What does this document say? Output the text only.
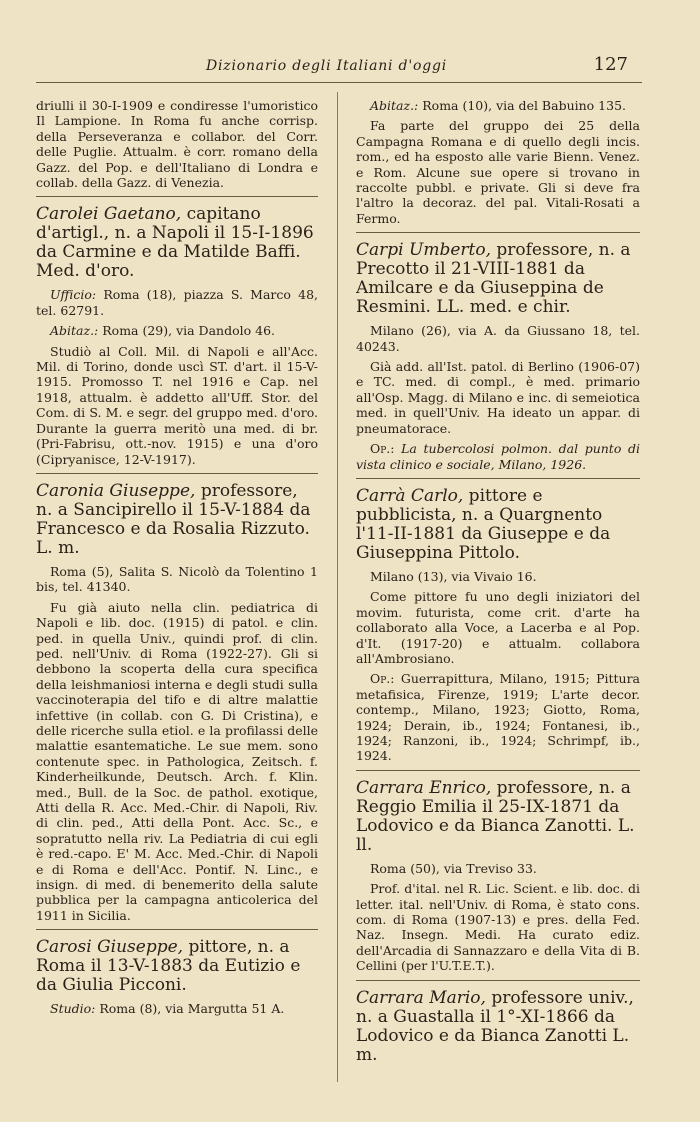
Dizionario degli Italiani d'oggi	127

driulli il 30-I-1909 e condiresse l'umoristico Il Lampione. In Roma fu anche corrisp. della Perseveranza e collabor. del Corr. delle Puglie. Attualm. è corr. romano della Gazz. del Pop. e dell'Italiano di Londra e collab. della Gazz. di Venezia.

Carolei Gaetano, capitano d'artigl., n. a Napoli il 15-I-1896 da Carmine e da Matilde Baffi. Med. d'oro.

Ufficio: Roma (18), piazza S. Marco 48, tel. 62791.

Abitaz.: Roma (29), via Dandolo 46.

Studiò al Coll. Mil. di Napoli e all'Acc. Mil. di Torino, donde uscì ST. d'art. il 15-V-1915. Promosso T. nel 1916 e Cap. nel 1918, attualm. è addetto all'Uff. Stor. del Com. di S. M. e segr. del gruppo med. d'oro. Durante la guerra meritò una med. di br. (Pri-Fabrisu, ott.-nov. 1915) e una d'oro (Cipryanisce, 12-V-1917).

Caronia Giuseppe, professore, n. a Sancipirello il 15-V-1884 da Francesco e da Rosalia Rizzuto. L. m.

Roma (5), Salita S. Nicolò da Tolentino 1 bis, tel. 41340.

Fu già aiuto nella clin. pediatrica di Napoli e lib. doc. (1915) di patol. e clin. ped. in quella Univ., quindi prof. di clin. ped. nell'Univ. di Roma (1922-27). Gli si debbono la scoperta della cura specifica della leishmaniosi interna e degli studi sulla vaccinoterapia del tifo e di altre malattie infettive (in collab. con G. Di Cristina), e delle ricerche sulla etiol. e la profilassi delle malattie esantematiche. Le sue mem. sono contenute spec. in Pathologica, Zeitsch. f. Kinderheilkunde, Deutsch. Arch. f. Klin. med., Bull. de la Soc. de pathol. exotique, Atti della R. Acc. Med.-Chir. di Napoli, Riv. di clin. ped., Atti della Pont. Acc. Sc., e sopratutto nella riv. La Pediatria di cui egli è red.-capo. E' M. Acc. Med.-Chir. di Napoli e di Roma e dell'Acc. Pontif. N. Linc., e insign. di med. di benemerito della salute pubblica per la campagna anticolerica del 1911 in Sicilia.

Carosi Giuseppe, pittore, n. a Roma il 13-V-1883 da Eutizio e da Giulia Picconi.

Studio: Roma (8), via Margutta 51 A.

Abitaz.: Roma (10), via del Babuino 135.

Fa parte del gruppo dei 25 della Campagna Romana e di quello degli incis. rom., ed ha esposto alle varie Bienn. Venez. e Rom. Alcune sue opere si trovano in raccolte pubbl. e private. Gli si deve fra l'altro la decoraz. del pal. Vitali-Rosati a Fermo.

Carpi Umberto, professore, n. a Precotto il 21-VIII-1881 da Amilcare e da Giuseppina de Resmini. LL. med. e chir.

Milano (26), via A. da Giussano 18, tel. 40243.

Già add. all'Ist. patol. di Berlino (1906-07) e TC. med. di compl., è med. primario all'Osp. Magg. di Milano e inc. di semeiotica med. in quell'Univ. Ha ideato un appar. di pneumatorace.

Op.: La tubercolosi polmon. dal punto di vista clinico e sociale, Milano, 1926.

Carrà Carlo, pittore e pubblicista, n. a Quargnento l'11-II-1881 da Giuseppe e da Giuseppina Pittolo.

Milano (13), via Vivaio 16.

Come pittore fu uno degli iniziatori del movim. futurista, come crit. d'arte ha collaborato alla Voce, a Lacerba e al Pop. d'It. (1917-20) e attualm. collabora all'Ambrosiano.

Op.: Guerrapittura, Milano, 1915; Pittura metafisica, Firenze, 1919; L'arte decor. contemp., Milano, 1923; Giotto, Roma, 1924; Derain, ib., 1924; Fontanesi, ib., 1924; Ranzoni, ib., 1924; Schrimpf, ib., 1924.

Carrara Enrico, professore, n. a Reggio Emilia il 25-IX-1871 da Lodovico e da Bianca Zanotti. L. ll.

Roma (50), via Treviso 33.

Prof. d'ital. nel R. Lic. Scient. e lib. doc. di letter. ital. nell'Univ. di Roma, è stato cons. com. di Roma (1907-13) e pres. della Fed. Naz. Insegn. Medi. Ha curato ediz. dell'Arcadia di Sannazzaro e della Vita di B. Cellini (per l'U.T.E.T.).

Carrara Mario, professore univ., n. a Guastalla il 1°-XI-1866 da Lodovico e da Bianca Zanotti L. m.
